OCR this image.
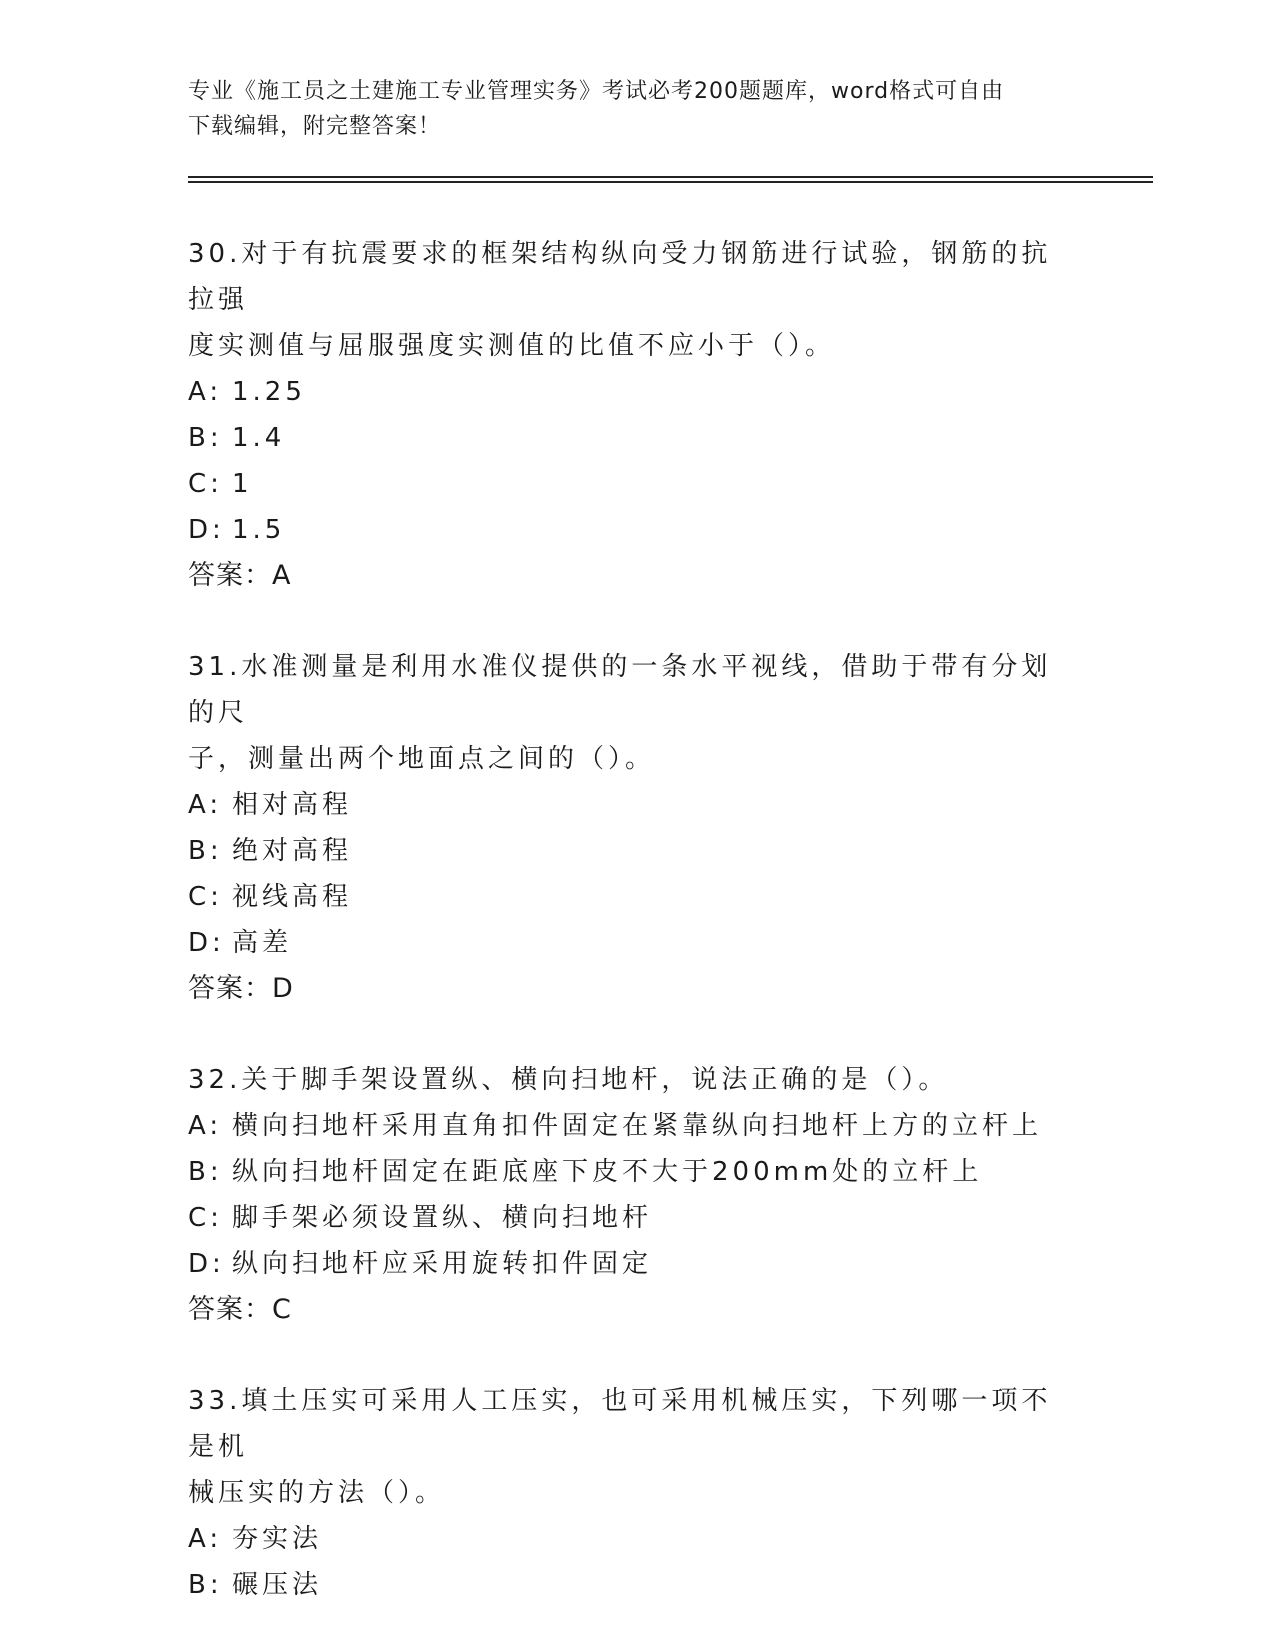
专业《施工员之土建施工专业管理实务》考试必考200题题库，word格式可自由
下载编辑，附完整答案！
30.对于有抗震要求的框架结构纵向受力钢筋进行试验，钢筋的抗拉强
度实测值与屈服强度实测值的比值不应小于（）。
A: 1.25
B: 1.4
C: 1
D: 1.5
答案：A
31.水准测量是利用水准仪提供的一条水平视线，借助于带有分划的尺
子，测量出两个地面点之间的（）。
A: 相对高程
B: 绝对高程
C: 视线高程
D: 高差
答案：D
32.关于脚手架设置纵、横向扫地杆，说法正确的是（）。
A: 横向扫地杆采用直角扣件固定在紧靠纵向扫地杆上方的立杆上
B: 纵向扫地杆固定在距底座下皮不大于200mm处的立杆上
C: 脚手架必须设置纵、横向扫地杆
D: 纵向扫地杆应采用旋转扣件固定
答案：C
33.填土压实可采用人工压实，也可采用机械压实，下列哪一项不是机
械压实的方法（）。
A: 夯实法
B: 碾压法
